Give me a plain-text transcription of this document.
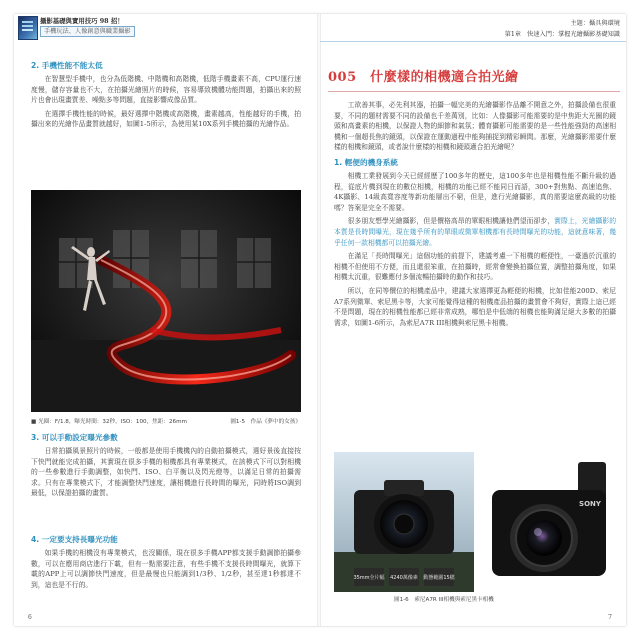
攝影基礎與實用技巧 98 招！
手機玩法、人像創意與職業攝影

2. 手機性能不能太低

在智慧型手機中，也分為低階機、中階機和高階機，低階手機畫素不高，CPU運行速度慢，儲存容量也不大，在拍攝光繪照片的時候，容易導致機體功能問題，拍攝出來的照片也會出現畫質差、噪點多等問題，直接影響成像品質。

在選擇手機性能的時候，最好選擇中階機或高階機，畫素越高，性能越好的手機，拍攝出來的光繪作品畫質就越好，如圖1-5所示，為使用某10X系列手機拍攝的光繪作品。

■ 光圈：F/1.8，曝光時間：32秒，ISO：100，焦距：26mm	圖1-5　作品《夢中的女孩》

3. 可以手動設定曝光參數

日常拍攝風景照片的時候，一般都是使用手機機內的自動拍攝模式，選好景後直接按下快門就能完成拍攝，其實現在很多手機的相機都具有專業模式，在該模式下可以對相機的一些參數進行手動調整，如快門、ISO、白平衡以及閃光燈等，以滿足日常的拍攝需求。只有在專業模式下，才能調整快門速度，讓相機進行長時間的曝光，同時將ISO調到最低，以保證拍攝的畫質。

4. 一定要支持長曝光功能

如果手機的相機沒有專業模式，也沒關係，現在很多手機APP都支援手動調節拍攝參數，可以在應用商店進行下載，但有一點需要注意，有些手機不支援長時間曝光，就算下載的APP上可以調節快門速度，但是最慢也只能調到1/3秒、1/2秒，甚至達1秒都達不到，這也是不行的。

6
主題：攝具與環境
第1章　快速入門：掌握光繪攝影基礎知識
005　什麼樣的相機適合拍光繪

工欲善其事，必先利其器，拍攝一幅完美的光繪攝影作品離不開意之外，拍攝設備也很重要，不同的題材需要不同的設備也千差萬別，比如：人像攝影可能需要的是中焦距大光圈的鏡頭和高畫素的相機，以保證人物的細節和氣氛；體育攝影可能需要的是一些性能強勁的高速相機和一個超長焦的鏡頭，以保證在運動過程中能夠捕捉到精彩瞬間。那麼，光繪攝影需要什麼樣的相機和鏡頭，或者說什麼樣的相機和鏡頭適合拍光繪呢？

1. 輕便的機身系統

相機工業發展到今天已經經歷了100多年的歷史，這100多年也是相機性能不斷升級的過程，從底片機到現在的數位相機，相機的功能已經不能同日而語，300+對焦點、高速追焦、4K攝影、14級高寬容度等新功能層出不窮，但是，進行光繪攝影，真的需要這麼高級的功能嗎？答案是完全不需要。

很多朋友想學光繪攝影，但是價格高昂的單眼相機讓他們望而卻步，實際上，光繪攝影的本質是長時間曝光，現在幾乎所有的單眼或微單相機都有長時間曝光的功能，這就意味著，幾乎任何一款相機都可以拍攝光繪。

在滿足「長時間曝光」這個功能的前提下，建議考慮一下相機的輕便性，一臺過於沉重的相機不但使用不方便，而且還很笨重，在拍攝時，經常會變換拍攝位置，調整拍攝角度，如果相機太沉重，很難應付多個流暢拍攝時的動作和技巧。

所以，在同等價位的相機產品中，建議大家選擇更為輕便的相機，比如佳能200D、索尼A7系列微單、索尼黑卡等，大家可能覺得這種的相機產品拍攝的畫質會不夠好，實際上這已經不是問題，現在的相機性能都已經非常成熟，哪怕是中低端的相機也能夠滿足絕大多數的拍攝需求，如圖1-6所示，為索尼A7R III相機與索尼黑卡相機。

35mm全片幅 4240萬像素 動態範圍15檔
SONY
圖1-6　索尼A7R III相機與索尼黑卡相機
7
